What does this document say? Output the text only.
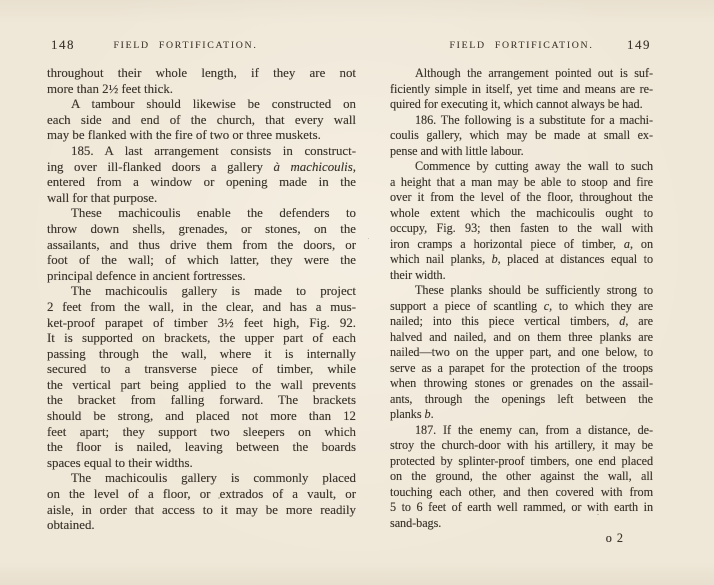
148	FIELD FORTIFICATION.
throughout their whole length, if they are not
more than 2½ feet thick.
A tambour should likewise be constructed on
each side and end of the church, that every wall
may be flanked with the fire of two or three muskets.
185. A last arrangement consists in construct-
ing over ill-flanked doors a gallery à machicoulis,
entered from a window or opening made in the
wall for that purpose.
These machicoulis enable the defenders to
throw down shells, grenades, or stones, on the
assailants, and thus drive them from the doors, or
foot of the wall; of which latter, they were the
principal defence in ancient fortresses.
The machicoulis gallery is made to project
2 feet from the wall, in the clear, and has a mus-
ket-proof parapet of timber 3½ feet high, Fig. 92.
It is supported on brackets, the upper part of each
passing through the wall, where it is internally
secured to a transverse piece of timber, while
the vertical part being applied to the wall prevents
the bracket from falling forward. The brackets
should be strong, and placed not more than 12
feet apart; they support two sleepers on which
the floor is nailed, leaving between the boards
spaces equal to their widths.
The machicoulis gallery is commonly placed
on the level of a floor, or extrados of a vault, or
aisle, in order that access to it may be more readily
obtained.
FIELD FORTIFICATION.	149
Although the arrangement pointed out is suf-
ficiently simple in itself, yet time and means are re-
quired for executing it, which cannot always be had.
186. The following is a substitute for a machi-
coulis gallery, which may be made at small ex-
pense and with little labour.
Commence by cutting away the wall to such
a height that a man may be able to stoop and fire
over it from the level of the floor, throughout the
whole extent which the machicoulis ought to
occupy, Fig. 93; then fasten to the wall with
iron cramps a horizontal piece of timber, a, on
which nail planks, b, placed at distances equal to
their width.
These planks should be sufficiently strong to
support a piece of scantling c, to which they are
nailed; into this piece vertical timbers, d, are
halved and nailed, and on them three planks are
nailed—two on the upper part, and one below, to
serve as a parapet for the protection of the troops
when throwing stones or grenades on the assail-
ants, through the openings left between the
planks b.
187. If the enemy can, from a distance, de-
stroy the church-door with his artillery, it may be
protected by splinter-proof timbers, one end placed
on the ground, the other against the wall, all
touching each other, and then covered with from
5 to 6 feet of earth well rammed, or with earth in
sand-bags.
o 2
